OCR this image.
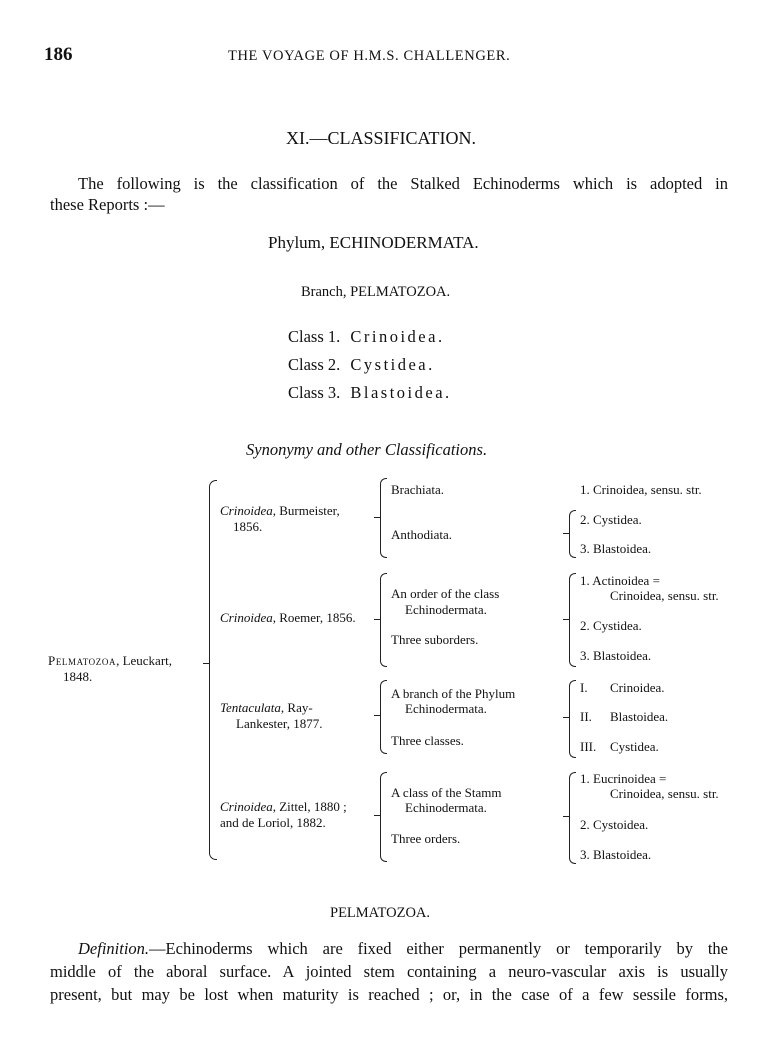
186	THE VOYAGE OF H.M.S. CHALLENGER.
XI.—CLASSIFICATION.
The following is the classification of the Stalked Echinoderms which is adopted in
these Reports :—
Phylum, ECHINODERMATA.
Branch, PELMATOZOA.
Class 1. Crinoidea.
Class 2. Cystidea.
Class 3. Blastoidea.
Synonymy and other Classifications.
Pelmatozoa, Leuckart,
1848.
Crinoidea, Burmeister,
1856.
Brachiata.
Anthodiata.
1. Crinoidea, sensu. str.
2. Cystidea.
3. Blastoidea.
Crinoidea, Roemer, 1856.
An order of the class
Echinodermata.
Three suborders.
1. Actinoidea =
Crinoidea, sensu. str.
2. Cystidea.
3. Blastoidea.
Tentaculata, Ray-
Lankester, 1877.
A branch of the Phylum
Echinodermata.
Three classes.
I. Crinoidea.
II. Blastoidea.
III. Cystidea.
Crinoidea, Zittel, 1880 ;
and de Loriol, 1882.
A class of the Stamm
Echinodermata.
Three orders.
1. Eucrinoidea =
Crinoidea, sensu. str.
2. Cystoidea.
3. Blastoidea.
PELMATOZOA.
Definition.—Echinoderms which are fixed either permanently or temporarily by the
middle of the aboral surface. A jointed stem containing a neuro-vascular axis is usually
present, but may be lost when maturity is reached ; or, in the case of a few sessile forms,
